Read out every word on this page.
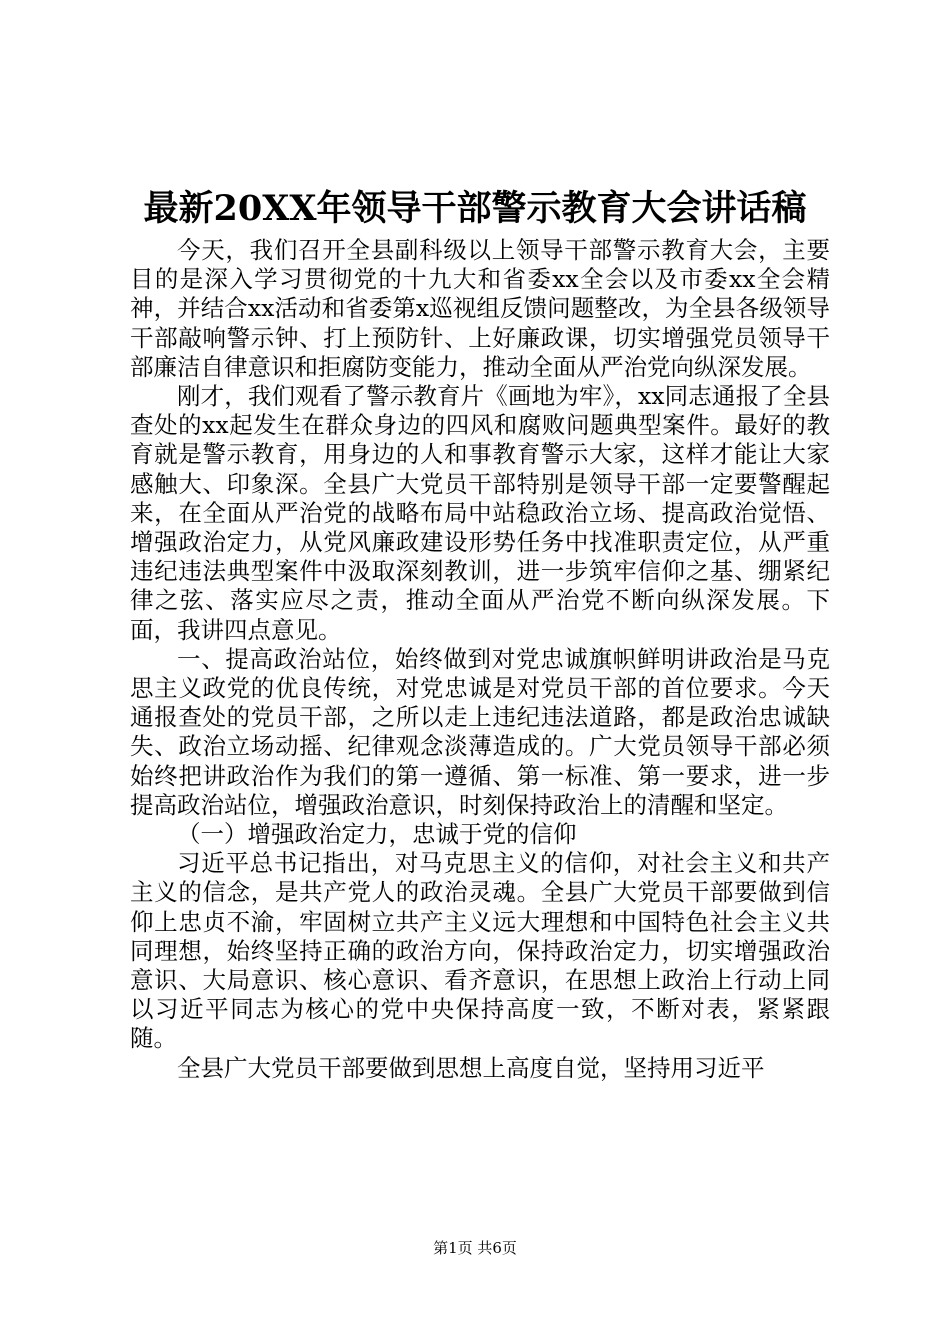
最新20XX年领导干部警示教育大会讲话稿

今天，我们召开全县副科级以上领导干部警示教育大会，主要目的是深入学习贯彻党的十九大和省委xx全会以及市委xx全会精神，并结合xx活动和省委第x巡视组反馈问题整改，为全县各级领导干部敲响警示钟、打上预防针、上好廉政课，切实增强党员领导干部廉洁自律意识和拒腐防变能力，推动全面从严治党向纵深发展。

刚才，我们观看了警示教育片《画地为牢》，xx同志通报了全县查处的xx起发生在群众身边的四风和腐败问题典型案件。最好的教育就是警示教育，用身边的人和事教育警示大家，这样才能让大家感触大、印象深。全县广大党员干部特别是领导干部一定要警醒起来，在全面从严治党的战略布局中站稳政治立场、提高政治觉悟、增强政治定力，从党风廉政建设形势任务中找准职责定位，从严重违纪违法典型案件中汲取深刻教训，进一步筑牢信仰之基、绷紧纪律之弦、落实应尽之责，推动全面从严治党不断向纵深发展。下面，我讲四点意见。

一、提高政治站位，始终做到对党忠诚旗帜鲜明讲政治是马克思主义政党的优良传统，对党忠诚是对党员干部的首位要求。今天通报查处的党员干部，之所以走上违纪违法道路，都是政治忠诚缺失、政治立场动摇、纪律观念淡薄造成的。广大党员领导干部必须始终把讲政治作为我们的第一遵循、第一标准、第一要求，进一步提高政治站位，增强政治意识，时刻保持政治上的清醒和坚定。

（一）增强政治定力，忠诚于党的信仰

习近平总书记指出，对马克思主义的信仰，对社会主义和共产主义的信念，是共产党人的政治灵魂。全县广大党员干部要做到信仰上忠贞不渝，牢固树立共产主义远大理想和中国特色社会主义共同理想，始终坚持正确的政治方向，保持政治定力，切实增强政治意识、大局意识、核心意识、看齐意识，在思想上政治上行动上同以习近平同志为核心的党中央保持高度一致，不断对表，紧紧跟随。

全县广大党员干部要做到思想上高度自觉，坚持用习近平

第1页 共6页
